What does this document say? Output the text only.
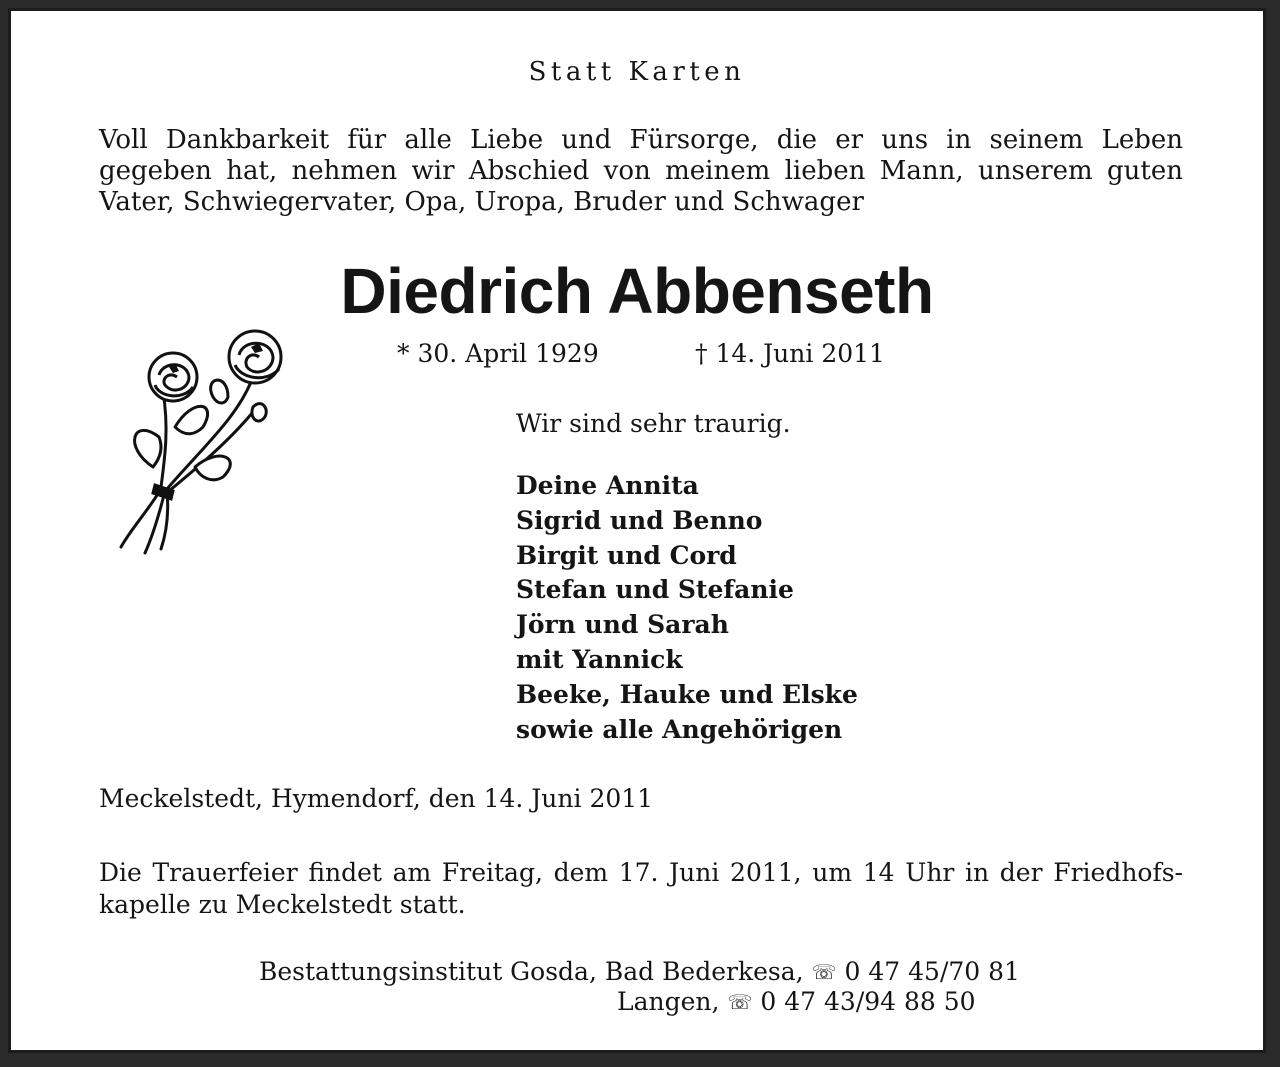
Statt Karten
Voll Dankbarkeit für alle Liebe und Fürsorge, die er uns in seinem Leben gegeben hat, nehmen wir Abschied von meinem lieben Mann, unserem guten Vater, Schwiegervater, Opa, Uropa, Bruder und Schwager
Diedrich Abbenseth
* 30. April 1929	† 14. Juni 2011
Wir sind sehr traurig.
Deine Annita
Sigrid und Benno
Birgit und Cord
Stefan und Stefanie
Jörn und Sarah
mit Yannick
Beeke, Hauke und Elske
sowie alle Angehörigen
Meckelstedt, Hymendorf, den 14. Juni 2011
Die Trauerfeier findet am Freitag, dem 17. Juni 2011, um 14 Uhr in der Friedhofs-kapelle zu Meckelstedt statt.
Bestattungsinstitut Gosda, Bad Bederkesa, ☏ 0 47 45/70 81
Langen, ☏ 0 47 43/94 88 50
